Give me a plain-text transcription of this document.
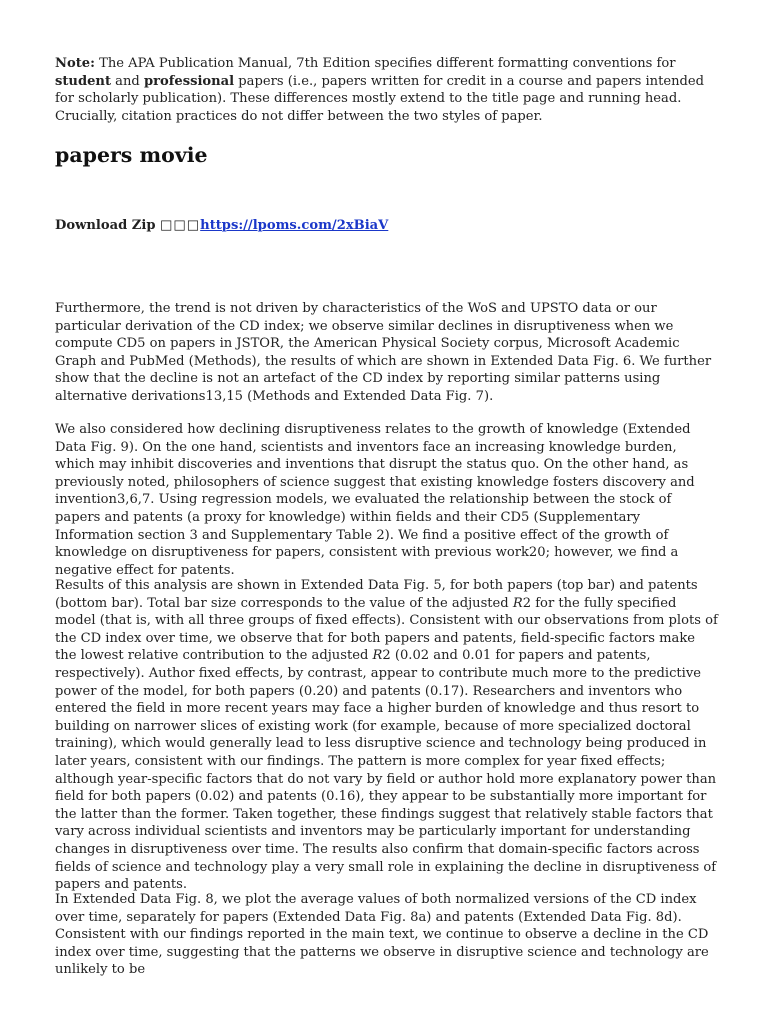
Note: The APA Publication Manual, 7th Edition specifies different formatting conventions for student and professional papers (i.e., papers written for credit in a course and papers intended for scholarly publication). These differences mostly extend to the title page and running head. Crucially, citation practices do not differ between the two styles of paper.

papers movie

Download Zip □□□https://lpoms.com/2xBiaV

Furthermore, the trend is not driven by characteristics of the WoS and UPSTO data or our particular derivation of the CD index; we observe similar declines in disruptiveness when we compute CD5 on papers in JSTOR, the American Physical Society corpus, Microsoft Academic Graph and PubMed (Methods), the results of which are shown in Extended Data Fig. 6. We further show that the decline is not an artefact of the CD index by reporting similar patterns using alternative derivations13,15 (Methods and Extended Data Fig. 7).

We also considered how declining disruptiveness relates to the growth of knowledge (Extended Data Fig. 9). On the one hand, scientists and inventors face an increasing knowledge burden, which may inhibit discoveries and inventions that disrupt the status quo. On the other hand, as previously noted, philosophers of science suggest that existing knowledge fosters discovery and invention3,6,7. Using regression models, we evaluated the relationship between the stock of papers and patents (a proxy for knowledge) within fields and their CD5 (Supplementary Information section 3 and Supplementary Table 2). We find a positive effect of the growth of knowledge on disruptiveness for papers, consistent with previous work20; however, we find a negative effect for patents.

Results of this analysis are shown in Extended Data Fig. 5, for both papers (top bar) and patents (bottom bar). Total bar size corresponds to the value of the adjusted R2 for the fully specified model (that is, with all three groups of fixed effects). Consistent with our observations from plots of the CD index over time, we observe that for both papers and patents, field-specific factors make the lowest relative contribution to the adjusted R2 (0.02 and 0.01 for papers and patents, respectively). Author fixed effects, by contrast, appear to contribute much more to the predictive power of the model, for both papers (0.20) and patents (0.17). Researchers and inventors who entered the field in more recent years may face a higher burden of knowledge and thus resort to building on narrower slices of existing work (for example, because of more specialized doctoral training), which would generally lead to less disruptive science and technology being produced in later years, consistent with our findings. The pattern is more complex for year fixed effects; although year-specific factors that do not vary by field or author hold more explanatory power than field for both papers (0.02) and patents (0.16), they appear to be substantially more important for the latter than the former. Taken together, these findings suggest that relatively stable factors that vary across individual scientists and inventors may be particularly important for understanding changes in disruptiveness over time. The results also confirm that domain-specific factors across fields of science and technology play a very small role in explaining the decline in disruptiveness of papers and patents.

In Extended Data Fig. 8, we plot the average values of both normalized versions of the CD index over time, separately for papers (Extended Data Fig. 8a) and patents (Extended Data Fig. 8d). Consistent with our findings reported in the main text, we continue to observe a decline in the CD index over time, suggesting that the patterns we observe in disruptive science and technology are unlikely to be
